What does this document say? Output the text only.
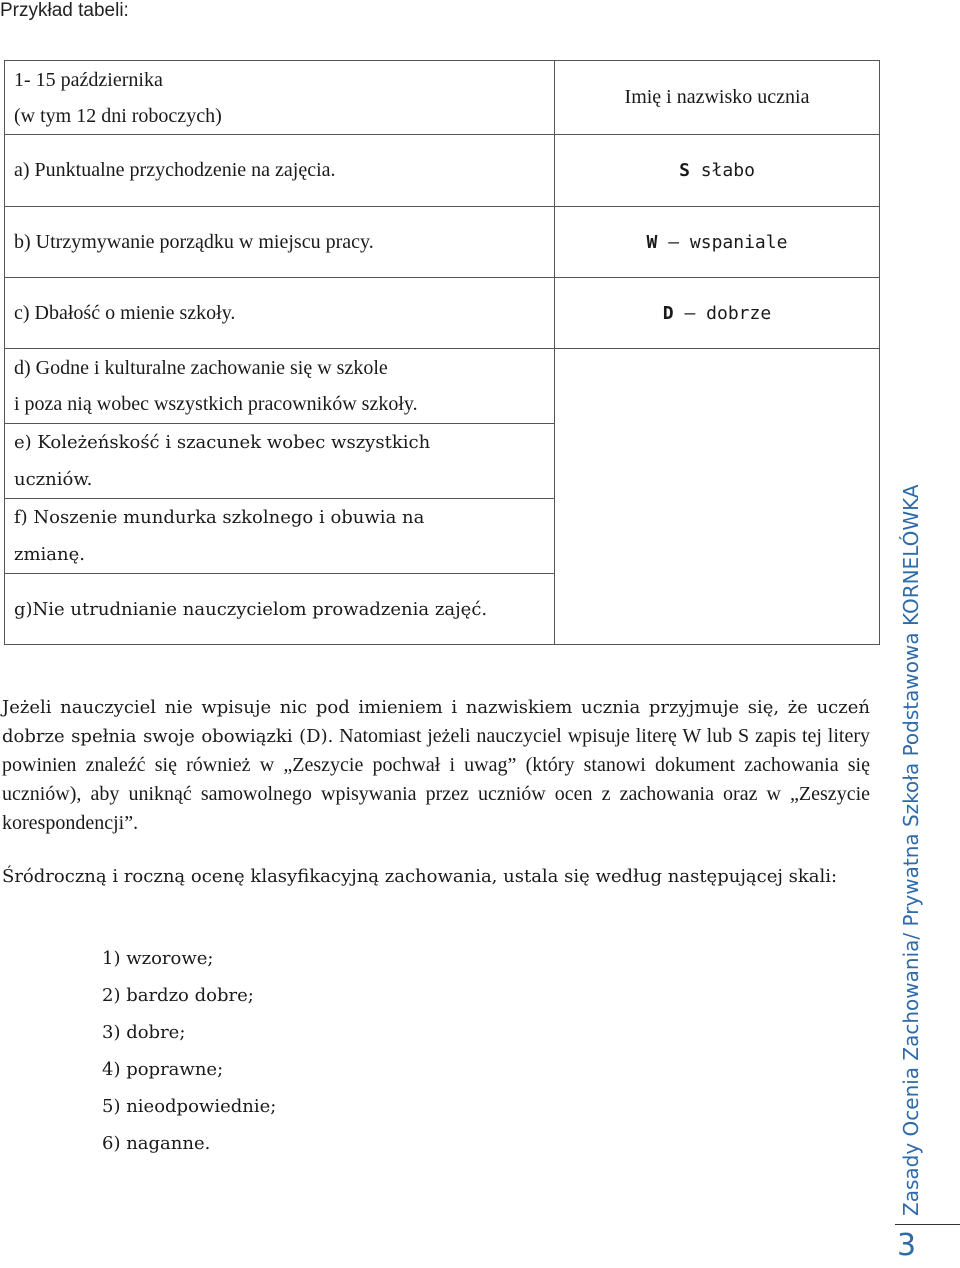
Przykład tabeli:
1- 15 października
(w tym 12 dni roboczych)	Imię i nazwisko ucznia
a) Punktualne przychodzenie na zajęcia.	S słabo
b) Utrzymywanie porządku w miejscu pracy.	W – wspaniale
c) Dbałość o mienie szkoły.	D – dobrze

d) Godne i kulturalne zachowanie się w szkole
i poza nią wobec wszystkich pracowników szkoły.	

e) Koleżeńskość i szacunek wobec wszystkich
uczniów.	

f) Noszenie mundurka szkolnego i obuwia na
zmianę.	

g)Nie utrudnianie nauczycielom prowadzenia zajęć.	
Jeżeli nauczyciel nie wpisuje nic pod imieniem i nazwiskiem ucznia przyjmuje się, że uczeń dobrze spełnia swoje obowiązki (D). Natomiast jeżeli nauczyciel wpisuje literę W lub S zapis tej litery powinien znaleźć się również w „Zeszycie pochwał i uwag” (który stanowi dokument zachowania się uczniów), aby uniknąć samowolnego wpisywania przez uczniów ocen z zachowania oraz w „Zeszycie korespondencji”.
Śródroczną i roczną ocenę klasyfikacyjną zachowania, ustala się według następującej skali:
1) wzorowe;
2) bardzo dobre;
3) dobre;
4) poprawne;
5) nieodpowiednie;
6) naganne.	Zasady Ocenia Zachowania/ Prywatna Szkoła Podstawowa KORNELÓWKA
3
